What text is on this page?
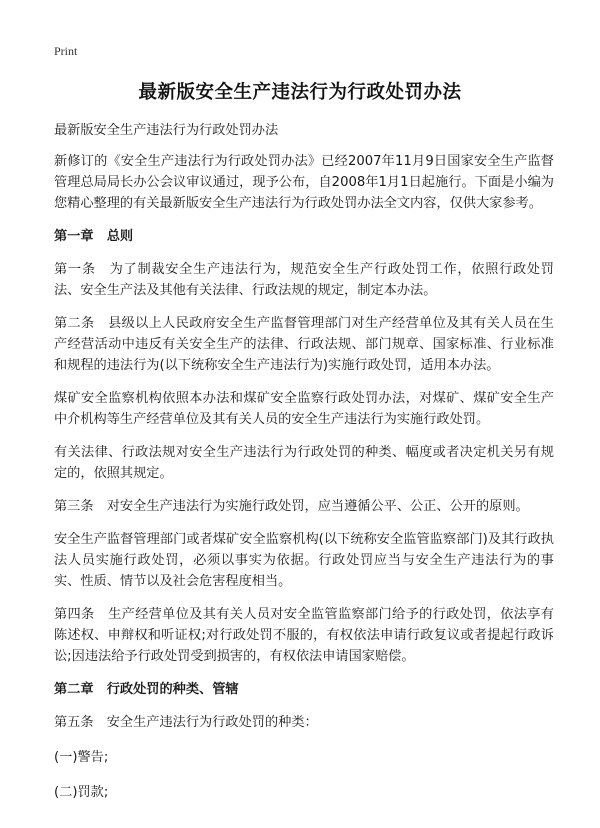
Print
最新版安全生产违法行为行政处罚办法

最新版安全生产违法行为行政处罚办法

新修订的《安全生产违法行为行政处罚办法》已经2007年11月9日国家安全生产监督管理总局局长办公会议审议通过，现予公布，自2008年1月1日起施行。下面是小编为您精心整理的有关最新版安全生产违法行为行政处罚办法全文内容，仅供大家参考。

第一章　总则

第一条　为了制裁安全生产违法行为，规范安全生产行政处罚工作，依照行政处罚法、安全生产法及其他有关法律、行政法规的规定，制定本办法。

第二条　县级以上人民政府安全生产监督管理部门对生产经营单位及其有关人员在生产经营活动中违反有关安全生产的法律、行政法规、部门规章、国家标准、行业标准和规程的违法行为(以下统称安全生产违法行为)实施行政处罚，适用本办法。

煤矿安全监察机构依照本办法和煤矿安全监察行政处罚办法，对煤矿、煤矿安全生产中介机构等生产经营单位及其有关人员的安全生产违法行为实施行政处罚。

有关法律、行政法规对安全生产违法行为行政处罚的种类、幅度或者决定机关另有规定的，依照其规定。

第三条　对安全生产违法行为实施行政处罚，应当遵循公平、公正、公开的原则。

安全生产监督管理部门或者煤矿安全监察机构(以下统称安全监管监察部门)及其行政执法人员实施行政处罚，必须以事实为依据。行政处罚应当与安全生产违法行为的事实、性质、情节以及社会危害程度相当。

第四条　生产经营单位及其有关人员对安全监管监察部门给予的行政处罚，依法享有陈述权、申辩权和听证权;对行政处罚不服的，有权依法申请行政复议或者提起行政诉讼;因违法给予行政处罚受到损害的，有权依法申请国家赔偿。

第二章　行政处罚的种类、管辖

第五条　安全生产违法行为行政处罚的种类：

(一)警告;

(二)罚款;
